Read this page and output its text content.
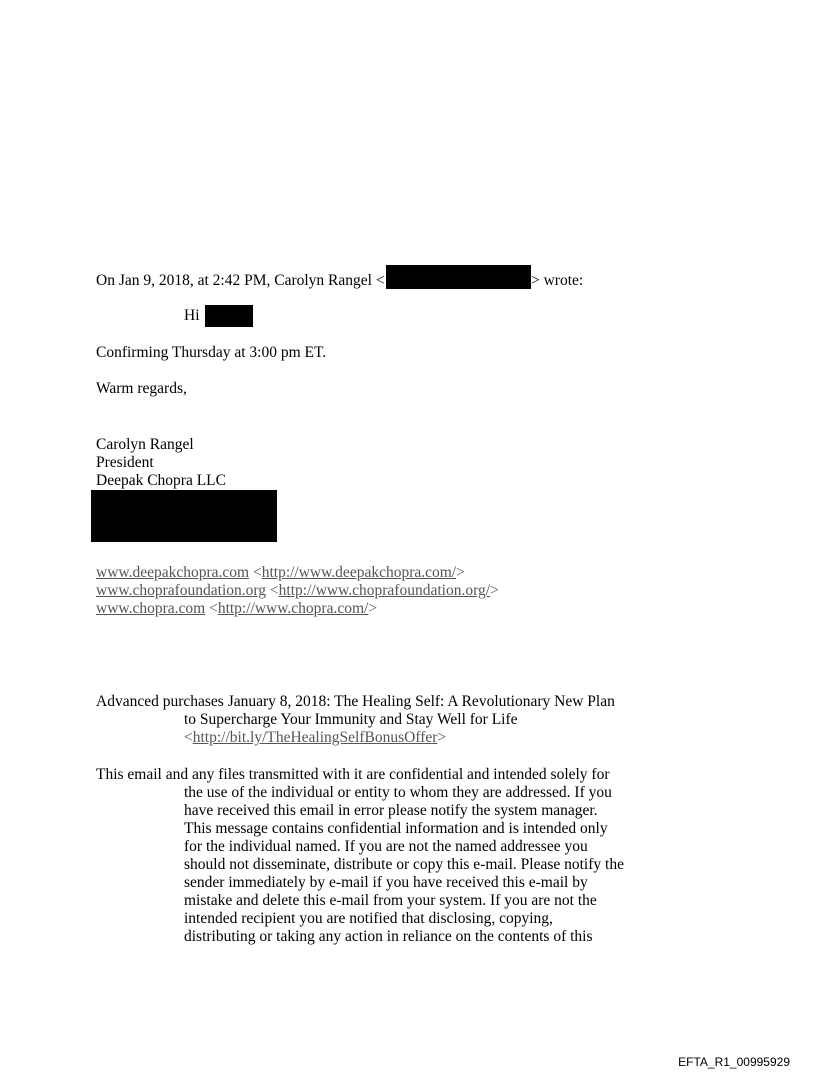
On Jan 9, 2018, at 2:42 PM, Carolyn Rangel <	> wrote:
Hi
Confirming Thursday at 3:00 pm ET.
Warm regards,
Carolyn Rangel
President
Deepak Chopra LLC
www.deepakchopra.com <http://www.deepakchopra.com/>
www.choprafoundation.org <http://www.choprafoundation.org/>
www.chopra.com <http://www.chopra.com/>
Advanced purchases January 8, 2018: The Healing Self: A Revolutionary New Plan
to Supercharge Your Immunity and Stay Well for Life
<http://bit.ly/TheHealingSelfBonusOffer>
This email and any files transmitted with it are confidential and intended solely for
the use of the individual or entity to whom they are addressed. If you
have received this email in error please notify the system manager.
This message contains confidential information and is intended only
for the individual named. If you are not the named addressee you
should not disseminate, distribute or copy this e-mail. Please notify the
sender immediately by e-mail if you have received this e-mail by
mistake and delete this e-mail from your system. If you are not the
intended recipient you are notified that disclosing, copying,
distributing or taking any action in reliance on the contents of this
EFTA_R1_00995929
